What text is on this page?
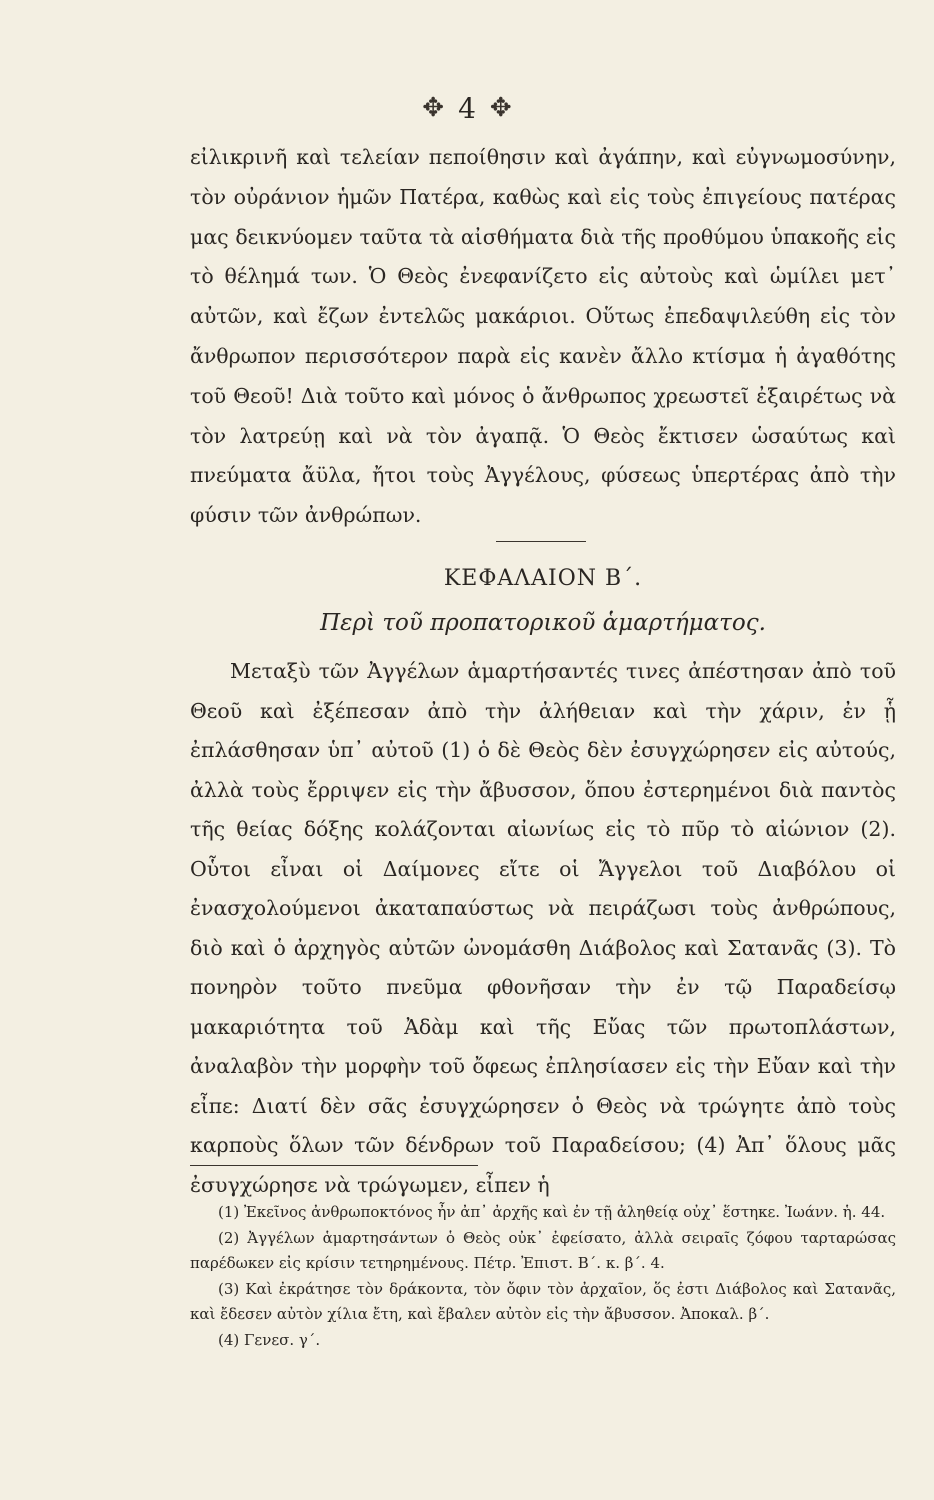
✥ 4 ✥

εἰλικρινῆ καὶ τελείαν πεποίθησιν καὶ ἀγάπην, καὶ εὐγνωμοσύνην, τὸν οὐράνιον ἡμῶν Πατέρα, καθὼς καὶ εἰς τοὺς ἐπιγείους πατέρας μας δεικνύομεν ταῦτα τὰ αἰσθήματα διὰ τῆς προθύμου ὑπακοῆς εἰς τὸ θέλημά των. Ὁ Θεὸς ἐνεφανίζετο εἰς αὐτοὺς καὶ ὡμίλει μετ᾽ αὐτῶν, καὶ ἔζων ἐντελῶς μακάριοι. Οὕτως ἐπεδαψιλεύθη εἰς τὸν ἄνθρωπον περισσότερον παρὰ εἰς κανὲν ἄλλο κτίσμα ἡ ἀγαθότης τοῦ Θεοῦ! Διὰ τοῦτο καὶ μόνος ὁ ἄνθρωπος χρεωστεῖ ἐξαιρέτως νὰ τὸν λατρεύῃ καὶ νὰ τὸν ἀγαπᾷ. Ὁ Θεὸς ἔκτισεν ὡσαύτως καὶ πνεύματα ἄϋλα, ἤτοι τοὺς Ἀγγέλους, φύσεως ὑπερτέρας ἀπὸ τὴν φύσιν τῶν ἀνθρώπων.

ΚΕΦΑΛΑΙΟΝ Β΄.
Περὶ τοῦ προπατορικοῦ ἁμαρτήματος.

Μεταξὺ τῶν Ἀγγέλων ἁμαρτήσαντές τινες ἀπέστησαν ἀπὸ τοῦ Θεοῦ καὶ ἐξέπεσαν ἀπὸ τὴν ἀλήθειαν καὶ τὴν χάριν, ἐν ᾗ ἐπλάσθησαν ὑπ᾽ αὐτοῦ (1) ὁ δὲ Θεὸς δὲν ἐσυγχώρησεν εἰς αὐτούς, ἀλλὰ τοὺς ἔρριψεν εἰς τὴν ἄβυσσον, ὅπου ἐστερημένοι διὰ παντὸς τῆς θείας δόξης κολάζονται αἰωνίως εἰς τὸ πῦρ τὸ αἰώνιον (2). Οὗτοι εἶναι οἱ Δαίμονες εἴτε οἱ Ἄγγελοι τοῦ Διαβόλου οἱ ἐνασχολούμενοι ἀκαταπαύστως νὰ πειράζωσι τοὺς ἀνθρώπους, διὸ καὶ ὁ ἀρχηγὸς αὐτῶν ὠνομάσθη Διάβολος καὶ Σατανᾶς (3). Τὸ πονηρὸν τοῦτο πνεῦμα φθονῆσαν τὴν ἐν τῷ Παραδείσῳ μακαριότητα τοῦ Ἀδὰμ καὶ τῆς Εὔας τῶν πρωτοπλάστων, ἀναλαβὸν τὴν μορφὴν τοῦ ὄφεως ἐπλησίασεν εἰς τὴν Εὔαν καὶ τὴν εἶπε: Διατί δὲν σᾶς ἐσυγχώρησεν ὁ Θεὸς νὰ τρώγητε ἀπὸ τοὺς καρποὺς ὅλων τῶν δένδρων τοῦ Παραδείσου; (4) Ἀπ᾽ ὅλους μᾶς ἐσυγχώρησε νὰ τρώγωμεν, εἶπεν ἡ

(1) Ἐκεῖνος ἀνθρωποκτόνος ἦν ἀπ᾽ ἀρχῆς καὶ ἐν τῇ ἀληθείᾳ οὐχ᾽ ἕστηκε. Ἰωάνν. ἡ. 44.

(2) Ἀγγέλων ἁμαρτησάντων ὁ Θεὸς οὐκ᾽ ἐφείσατο, ἀλλὰ σειραῖς ζόφου ταρταρώσας παρέδωκεν εἰς κρίσιν τετηρημένους. Πέτρ. Ἐπιστ. Β΄. κ. β΄. 4.

(3) Καὶ ἐκράτησε τὸν δράκοντα, τὸν ὄφιν τὸν ἀρχαῖον, ὅς ἐστι Διάβολος καὶ Σατανᾶς, καὶ ἔδεσεν αὐτὸν χίλια ἔτη, καὶ ἔβαλεν αὐτὸν εἰς τὴν ἄβυσσον. Ἀποκαλ. β΄.

(4) Γενεσ. γ΄.
